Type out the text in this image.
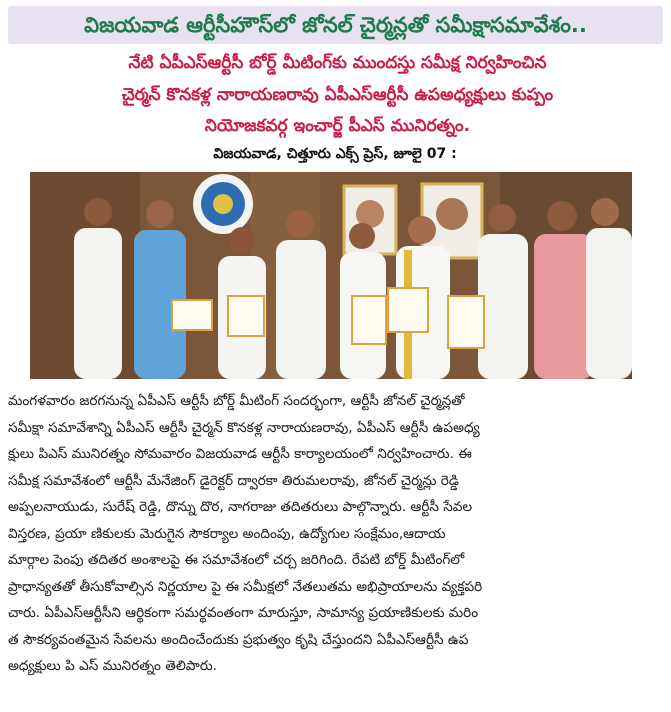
విజయవాడ ఆర్టీసీహౌస్‌లో జోనల్ చైర్మన్లతో సమీక్షాసమావేశం..
నేటి ఏపీఎస్ఆర్టీసీ బోర్డ్ మీటింగ్‌కు ముందస్తు సమీక్ష నిర్వహించిన
చైర్మన్ కొనకళ్ల నారాయణరావు ఏపీఎస్ఆర్టీసీ ఉపఅధ్యక్షులు కుప్పం
నియోజకవర్గ ఇంచార్జ్ పీఎస్ మునిరత్నం.
విజయవాడ, చిత్తూరు ఎక్స్ ప్రెస్, జూలై 07 :
మంగళవారం జరగనున్న ఏపీఎస్ ఆర్టీసీ బోర్డ్ మీటింగ్ సందర్భంగా, ఆర్టీసీ జోనల్ చైర్మన్లతో
సమీక్షా సమావేశాన్ని ఏపీఎస్ ఆర్టీసీ చైర్మన్ కొనకళ్ల నారాయణరావు, ఏపీఎస్ ఆర్టీసీ ఉపఅధ్య
క్షులు పిఎస్ మునిరత్నం సోమవారం విజయవాడ ఆర్టీసీ కార్యాలయంలో నిర్వహించారు. ఈ
సమీక్ష సమావేశంలో ఆర్టీసీ మేనేజింగ్ డైరెక్టర్ ద్వారకా తిరుమలరావు, జోనల్ చైర్మన్లు రెడ్డి
అప్పలనాయుడు, సురేష్ రెడ్డి, దొన్ను దొర, నాగరాజు తదితరులు పాల్గొన్నారు. ఆర్టీసీ సేవల
విస్తరణ, ప్రయా ణికులకు మెరుగైన సౌకర్యాల అందింపు, ఉద్యోగుల సంక్షేమం,ఆదాయ
మార్గాల పెంపు తదితర అంశాలపై ఈ సమావేశంలో చర్చ జరిగింది. రేపటి బోర్డ్ మీటింగ్‌లో
ప్రాధాన్యతతో తీసుకోవాల్సిన నిర్ణయాల పై ఈ సమీక్షలో నేతలుతమ అభిప్రాయాలను వ్యక్తపరి
చారు. ఏపీఎస్ఆర్టీసీని ఆర్థికంగా సమర్థవంతంగా మారుస్తూ, సామాన్య ప్రయాణికులకు మరిం
త సౌకర్యవంతమైన సేవలను అందించేందుకు ప్రభుత్వం కృషి చేస్తుందని ఏపీఎస్ఆర్టీసీ ఉప
అధ్యక్షులు పి ఎస్ మునిరత్నం తెలిపారు.
